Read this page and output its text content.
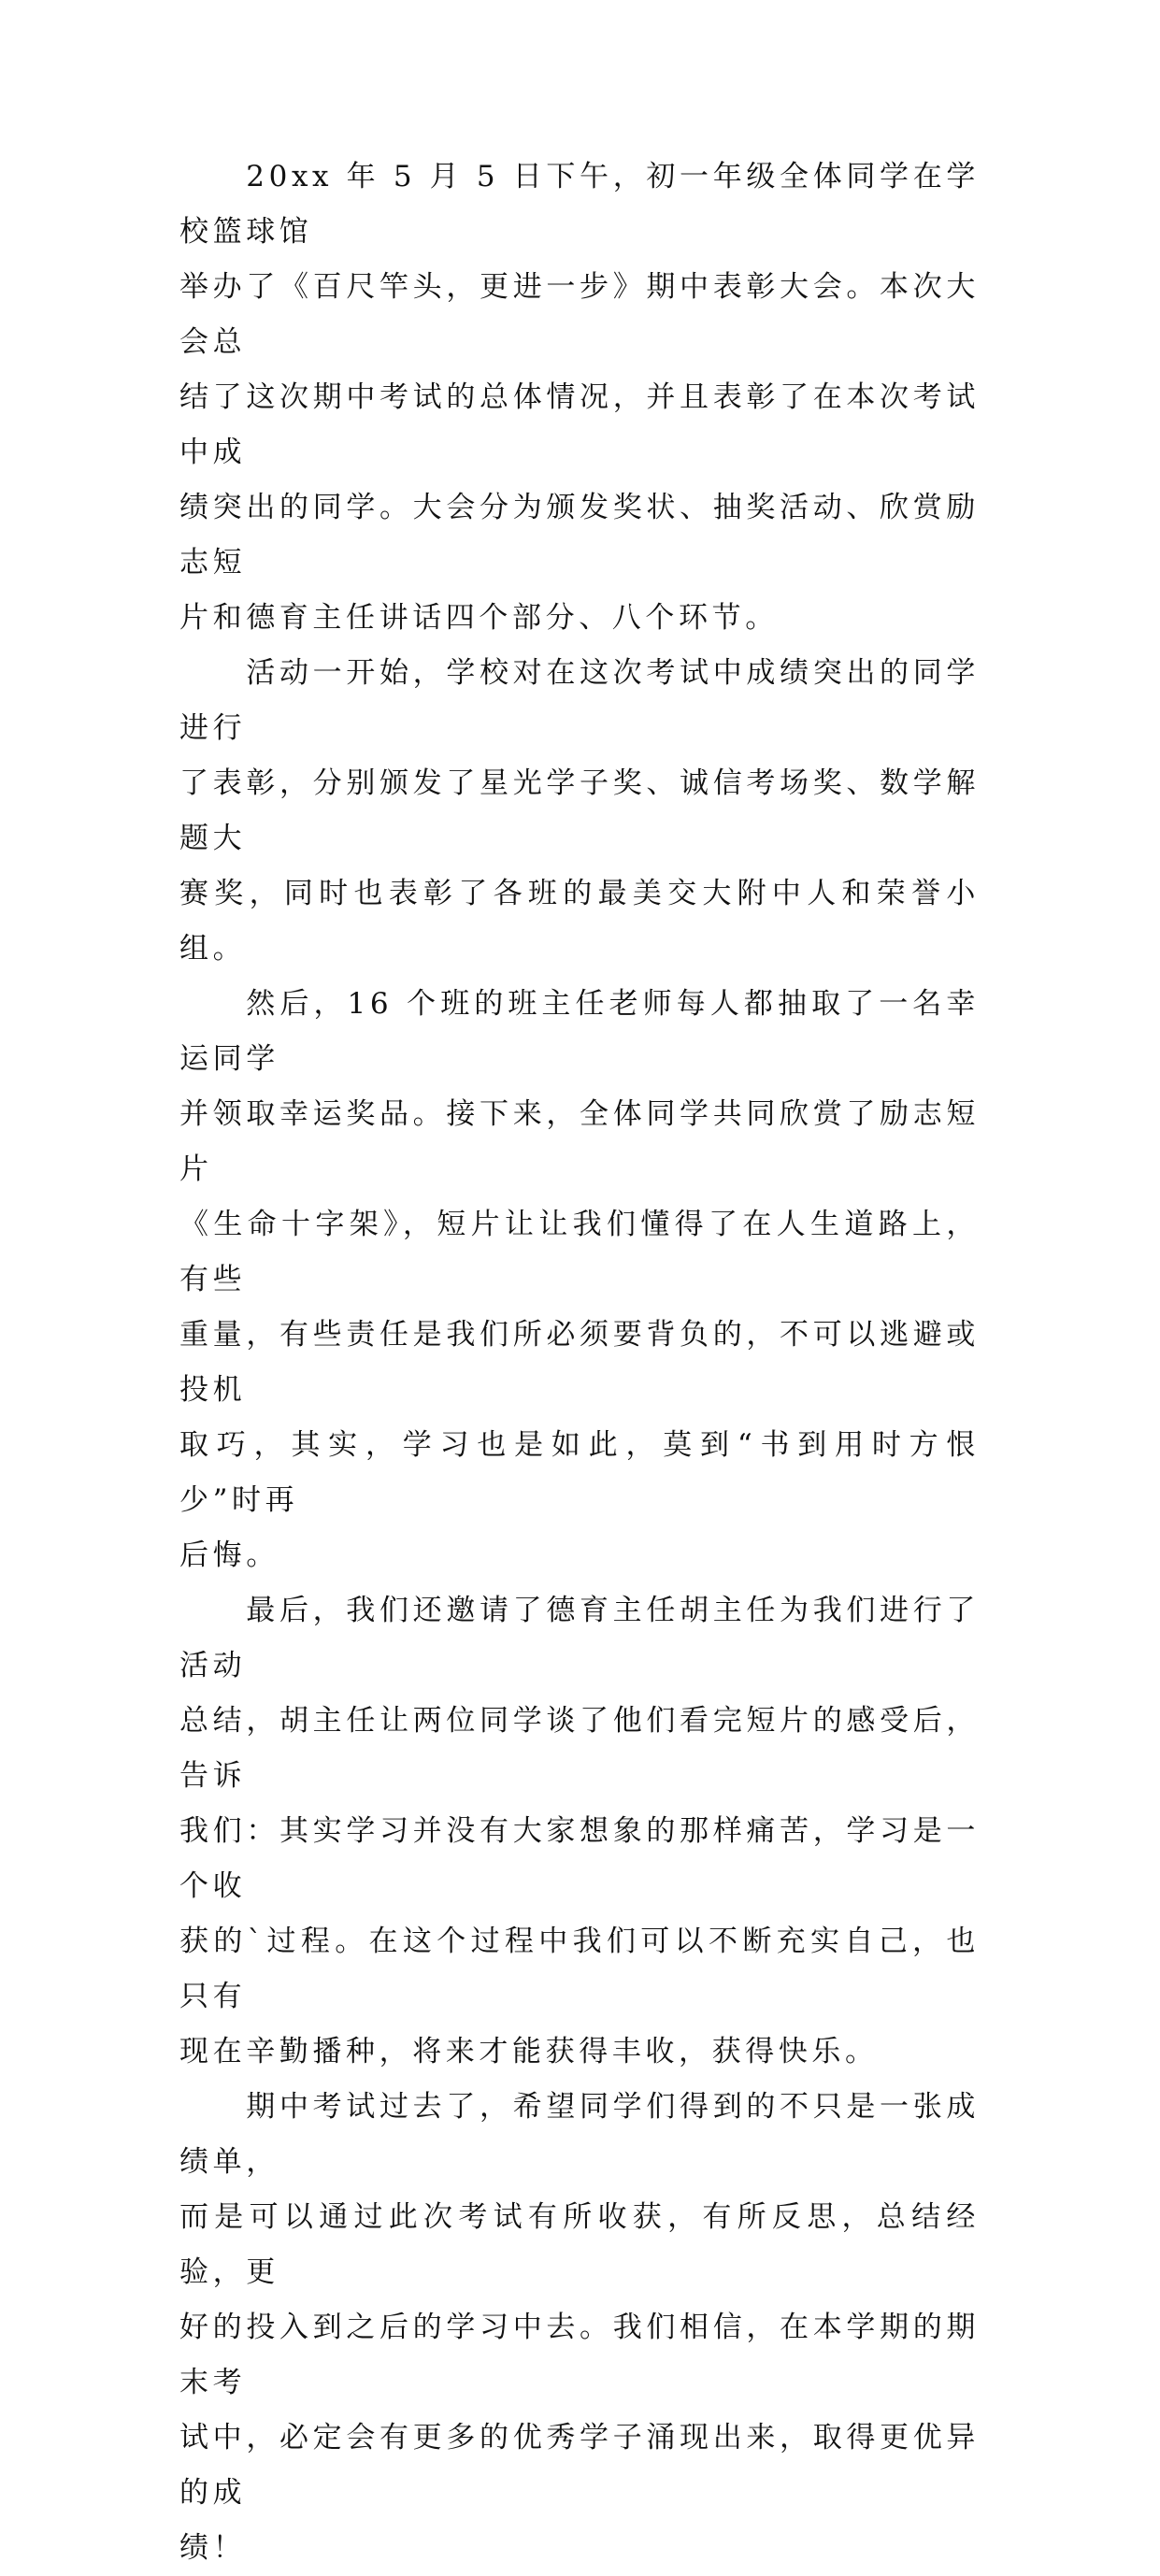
20xx 年 5 月 5 日下午，初一年级全体同学在学校篮球馆
举办了《百尺竿头，更进一步》期中表彰大会。本次大会总
结了这次期中考试的总体情况，并且表彰了在本次考试中成
绩突出的同学。大会分为颁发奖状、抽奖活动、欣赏励志短
片和德育主任讲话四个部分、八个环节。

活动一开始，学校对在这次考试中成绩突出的同学进行
了表彰，分别颁发了星光学子奖、诚信考场奖、数学解题大
赛奖，同时也表彰了各班的最美交大附中人和荣誉小组。

然后，16 个班的班主任老师每人都抽取了一名幸运同学
并领取幸运奖品。接下来，全体同学共同欣赏了励志短片
《生命十字架》，短片让让我们懂得了在人生道路上，有些
重量，有些责任是我们所必须要背负的，不可以逃避或投机
取巧，其实，学习也是如此，莫到“书到用时方恨少”时再
后悔。

最后，我们还邀请了德育主任胡主任为我们进行了活动
总结，胡主任让两位同学谈了他们看完短片的感受后，告诉
我们：其实学习并没有大家想象的那样痛苦，学习是一个收
获的`过程。在这个过程中我们可以不断充实自己，也只有
现在辛勤播种，将来才能获得丰收，获得快乐。

期中考试过去了，希望同学们得到的不只是一张成绩单，
而是可以通过此次考试有所收获，有所反思，总结经验，更
好的投入到之后的学习中去。我们相信，在本学期的期末考
试中，必定会有更多的优秀学子涌现出来，取得更优异的成
绩！
